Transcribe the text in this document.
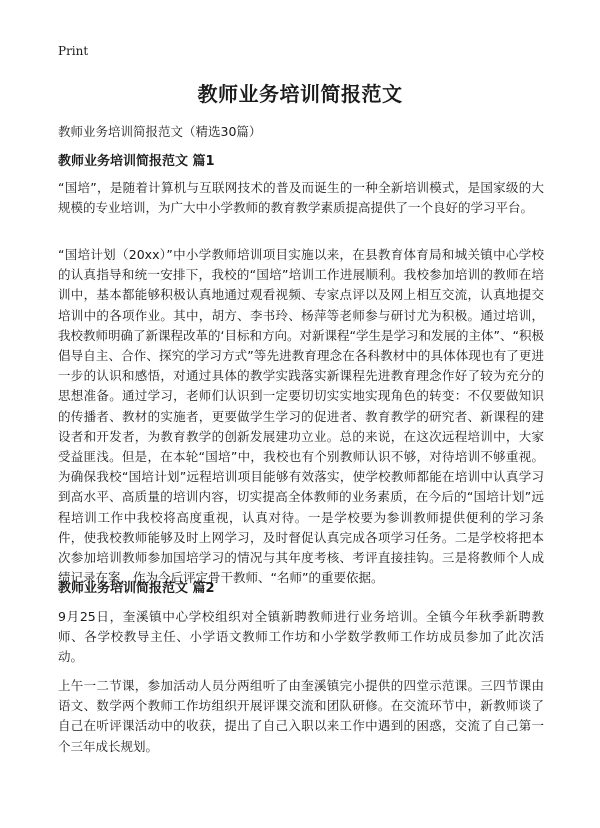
Print
教师业务培训简报范文
教师业务培训简报范文（精选30篇）
教师业务培训简报范文 篇1

“国培”，是随着计算机与互联网技术的普及而诞生的一种全新培训模式，是国家级的大规模的专业培训，为广大中小学教师的教育教学素质提高提供了一个良好的学习平台。

“国培计划（20xx）”中小学教师培训项目实施以来，在县教育体育局和城关镇中心学校的认真指导和统一安排下，我校的“国培”培训工作进展顺利。我校参加培训的教师在培训中，基本都能够积极认真地通过观看视频、专家点评以及网上相互交流，认真地提交培训中的各项作业。其中，胡方、李书玲、杨萍等老师参与研讨尤为积极。通过培训，我校教师明确了新课程改革的‘目标和方向。对新课程“学生是学习和发展的主体”、“积极倡导自主、合作、探究的学习方式”等先进教育理念在各科教材中的具体体现也有了更进一步的认识和感悟，对通过具体的教学实践落实新课程先进教育理念作好了较为充分的思想准备。通过学习，老师们认识到一定要切切实实地实现角色的转变：不仅要做知识的传播者、教材的实施者，更要做学生学习的促进者、教育教学的研究者、新课程的建设者和开发者，为教育教学的创新发展建功立业。总的来说，在这次远程培训中，大家受益匪浅。但是，在本轮“国培”中，我校也有个别教师认识不够，对待培训不够重视。为确保我校“国培计划”远程培训项目能够有效落实，使学校教师都能在培训中认真学习到高水平、高质量的培训内容，切实提高全体教师的业务素质，在今后的“国培计划”远程培训工作中我校将高度重视，认真对待。一是学校要为参训教师提供便利的学习条件，使我校教师能够及时上网学习，及时督促认真完成各项学习任务。二是学校将把本次参加培训教师参加国培学习的情况与其年度考核、考评直接挂钩。三是将教师个人成绩记录在案，作为今后评定骨干教师、“名师”的重要依据。

教师业务培训简报范文 篇2

9月25日，奎溪镇中心学校组织对全镇新聘教师进行业务培训。全镇今年秋季新聘教师、各学校教导主任、小学语文教师工作坊和小学数学教师工作坊成员参加了此次活动。

上午一二节课，参加活动人员分两组听了由奎溪镇完小提供的四堂示范课。三四节课由语文、数学两个教师工作坊组织开展评课交流和团队研修。在交流环节中，新教师谈了自己在听评课活动中的收获，提出了自己入职以来工作中遇到的困惑，交流了自己第一个三年成长规划。
